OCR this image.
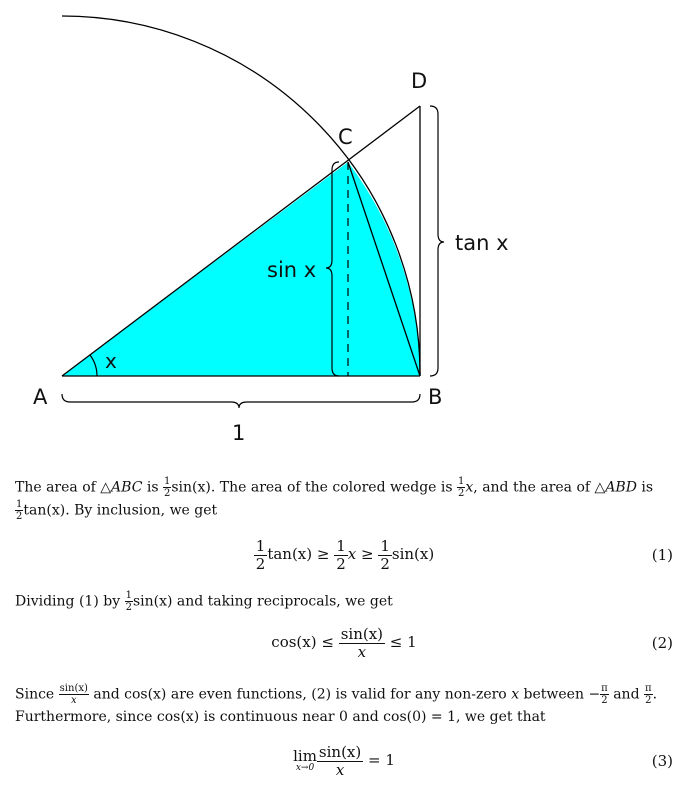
A	B
C
D
x
sin x
tan x
1
The area of △ABC is $\frac{1}{2} \sin(x)$. The area of the colored wedge is $\frac{1}{2} x$, and the area of △ABD is

$\frac{1}{2} \tan(x)$. By inclusion, we get
$\frac{1}{2} \tan(x) \ge \frac{1}{2}$ $x \ge \frac{1}{2} \sin(x)$	(1)
Dividing (1) by $\frac{1}{2} \sin(x)$ and taking reciprocals, we get
$\cos(x) \le \frac{\sin(x)}{x} \le 1$	(2)
Since $\frac{\sin(x)}{x}$ and cos(x) are even functions, (2) is valid for any non-zero x between − $\frac{\pi}{2}$ and $\frac{\pi}{2}$ .
Furthermore, since cos(x) is continuous near 0 and cos(0) = 1, we get that
lim
$x\to 0 \frac{\sin(x)}{x} = 1$	(3)
